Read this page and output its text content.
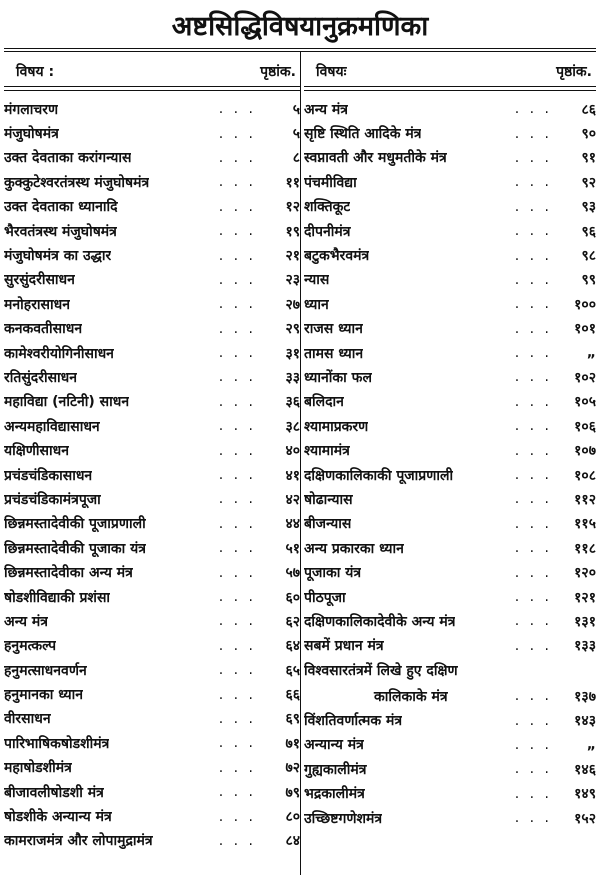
अष्टसिद्धिविषयानुक्रमणिका
विषय :	पृष्ठांक.
मंगलाचरण	. . .	५
मंजुघोषमंत्र	. . .	५
उक्त देवताका करांगन्यास	. . .	८
कुक्कुटेश्वरतंत्रस्थ मंजुघोषमंत्र	. . .	११
उक्त देवताका ध्यानादि	. . .	१२
भैरवतंत्रस्थ मंजुघोषमंत्र	. . .	१९
मंजुघोषमंत्र का उद्धार	. . .	२१
सुरसुंदरीसाधन	. . .	२३
मनोहरासाधन	. . .	२७
कनकवतीसाधन	. . .	२९
कामेश्वरीयोगिनीसाधन	. . .	३१
रतिसुंदरीसाधन	. . .	३३
महाविद्या (नटिनी) साधन	. . .	३६
अन्यमहाविद्यासाधन	. . .	३८
यक्षिणीसाधन	. . .	४०
प्रचंडचंडिकासाधन	. . .	४१
प्रचंडचंडिकामंत्रपूजा	. . .	४२
छिन्नमस्तादेवीकी पूजाप्रणाली	. . .	४४
छिन्नमस्तादेवीकी पूजाका यंत्र	. . .	५१
छिन्नमस्तादेवीका अन्य मंत्र	. . .	५७
षोडशीविद्याकी प्रशंसा	. . .	६०
अन्य मंत्र	. . .	६२
हनुमत्कल्प	. . .	६४
हनुमत्साधनवर्णन	. . .	६५
हनुमानका ध्यान	. . .	६६
वीरसाधन	. . .	६९
पारिभाषिकषोडशीमंत्र	. . .	७१
महाषोडशीमंत्र	. . .	७२
बीजावलीषोडशी मंत्र	. . .	७९
षोडशीके अन्यान्य मंत्र	. . .	८०
कामराजमंत्र और लोपामुद्रामंत्र	. . .	८४
विषयः	पृष्ठांक.
अन्य मंत्र	. . .	८६
सृष्टि स्थिति आदिके मंत्र	. . .	९०
स्वप्नावती और मधुमतीके मंत्र	. . .	९१
पंचमीविद्या	. . .	९२
शक्तिकूट	. . .	९३
दीपनीमंत्र	. . .	९६
बटुकभैरवमंत्र	. . .	९८
न्यास	. . .	९९
ध्यान	. . .	१००
राजस ध्यान	. . .	१०१
तामस ध्यान	. . .	„
ध्यानोंका फल	. . .	१०२
बलिदान	. . .	१०५
श्यामाप्रकरण	. . .	१०६
श्यामामंत्र	. . .	१०७
दक्षिणकालिकाकी पूजाप्रणाली	. . .	१०८
षोढान्यास	. . .	११२
बीजन्यास	. . .	११५
अन्य प्रकारका ध्यान	. . .	११८
पूजाका यंत्र	. . .	१२०
पीठपूजा	. . .	१२१
दक्षिणकालिकादेवीके अन्य मंत्र	. . .	१३१
सबमें प्रधान मंत्र	. . .	१३३
विश्वसारतंत्रमें लिखे हुए दक्षिण
कालिकाके मंत्र	. . .	१३७
विंशतिवर्णात्मक मंत्र	. . .	१४३
अन्यान्य मंत्र	. . .	„
गुह्यकालीमंत्र	. . .	१४६
भद्रकालीमंत्र	. . .	१४९
उच्छिष्टगणेशमंत्र	. . .	१५२
